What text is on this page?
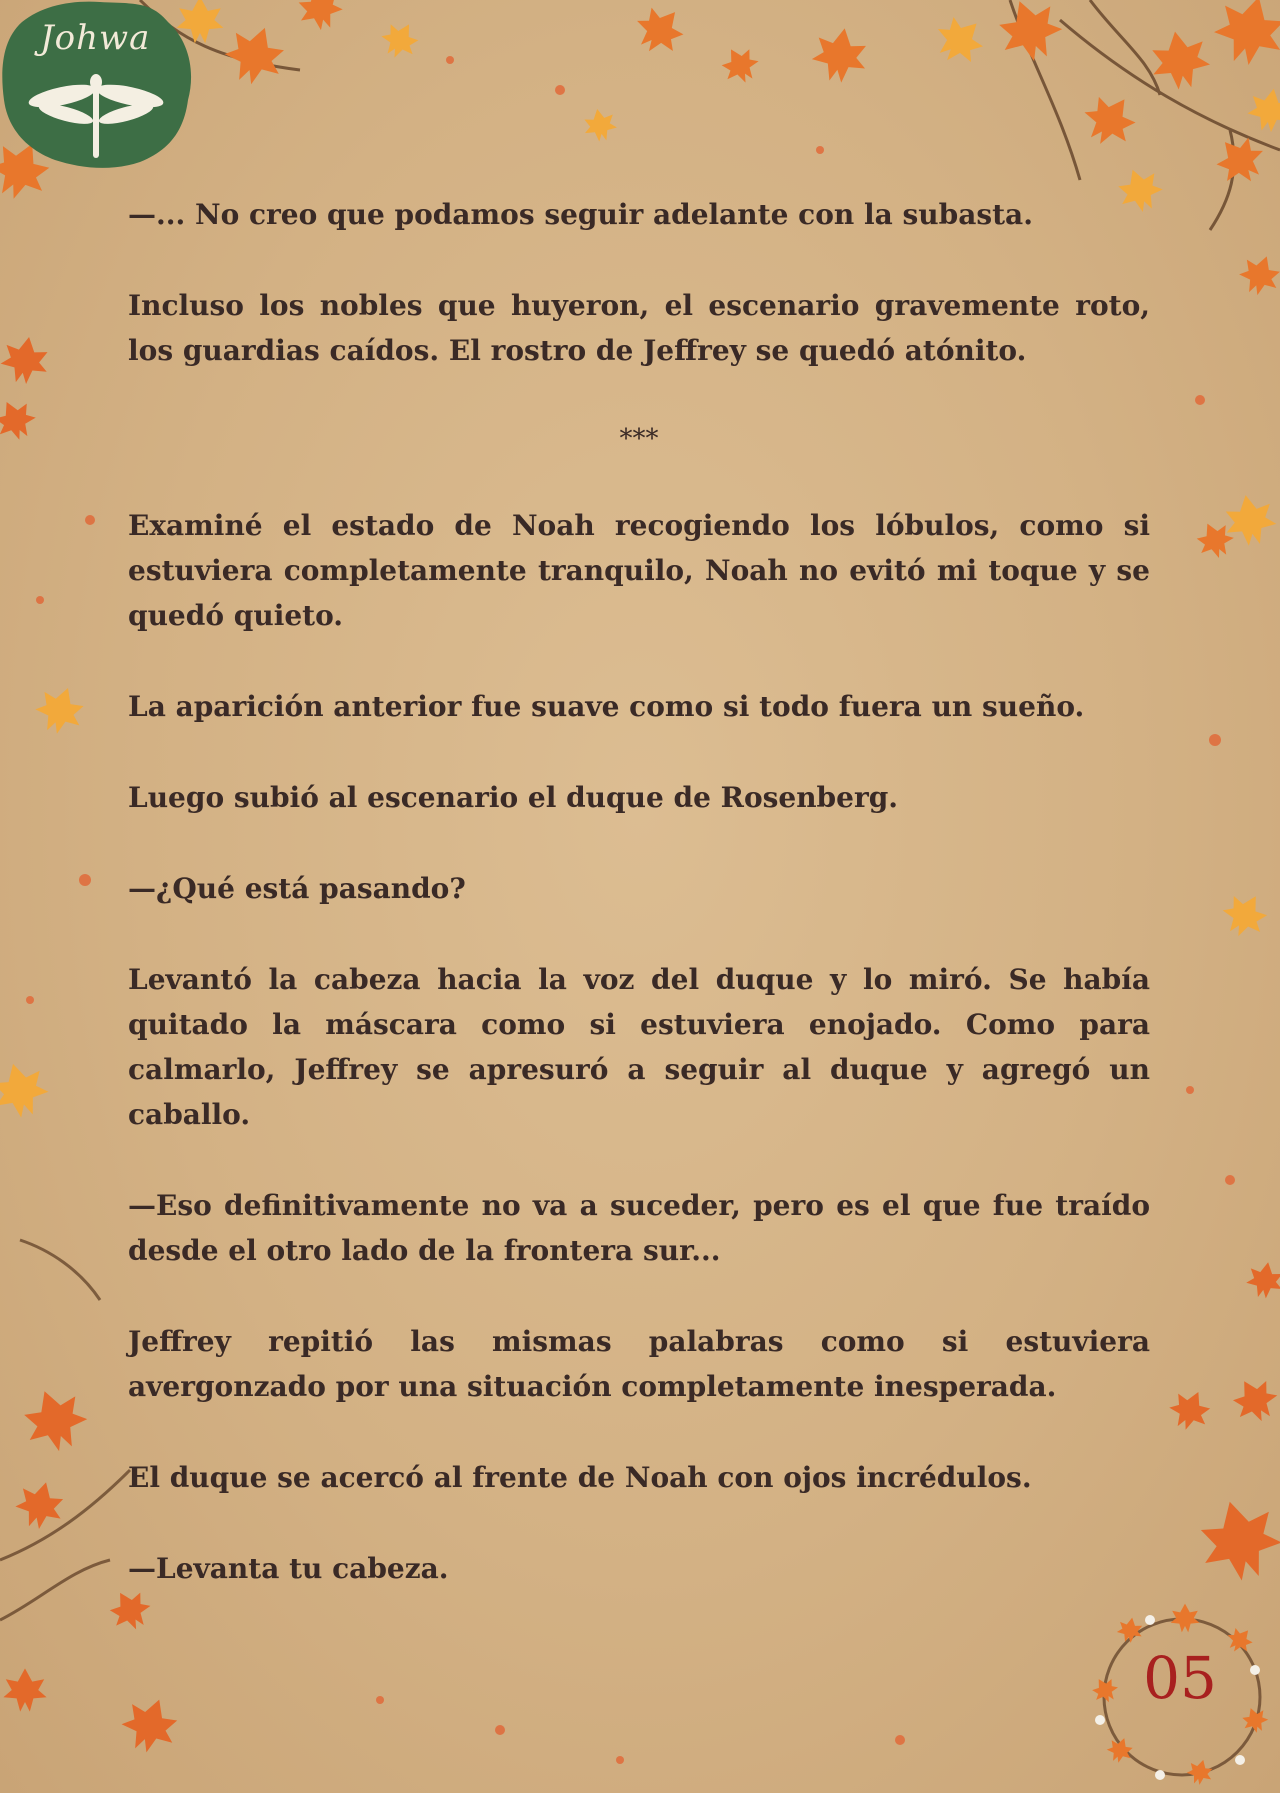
Johwa

—... No creo que podamos seguir adelante con la subasta.

Incluso los nobles que huyeron, el escenario gravemente roto, los guardias caídos. El rostro de Jeffrey se quedó atónito.

***

Examiné el estado de Noah recogiendo los lóbulos, como si estuviera completamente tranquilo, Noah no evitó mi toque y se quedó quieto.

La aparición anterior fue suave como si todo fuera un sueño.

Luego subió al escenario el duque de Rosenberg.

—¿Qué está pasando?

Levantó la cabeza hacia la voz del duque y lo miró. Se había quitado la máscara como si estuviera enojado. Como para calmarlo, Jeffrey se apresuró a seguir al duque y agregó un caballo.

—Eso definitivamente no va a suceder, pero es el que fue traído desde el otro lado de la frontera sur...

Jeffrey repitió las mismas palabras como si estuviera avergonzado por una situación completamente inesperada.

El duque se acercó al frente de Noah con ojos incrédulos.

—Levanta tu cabeza.

05
